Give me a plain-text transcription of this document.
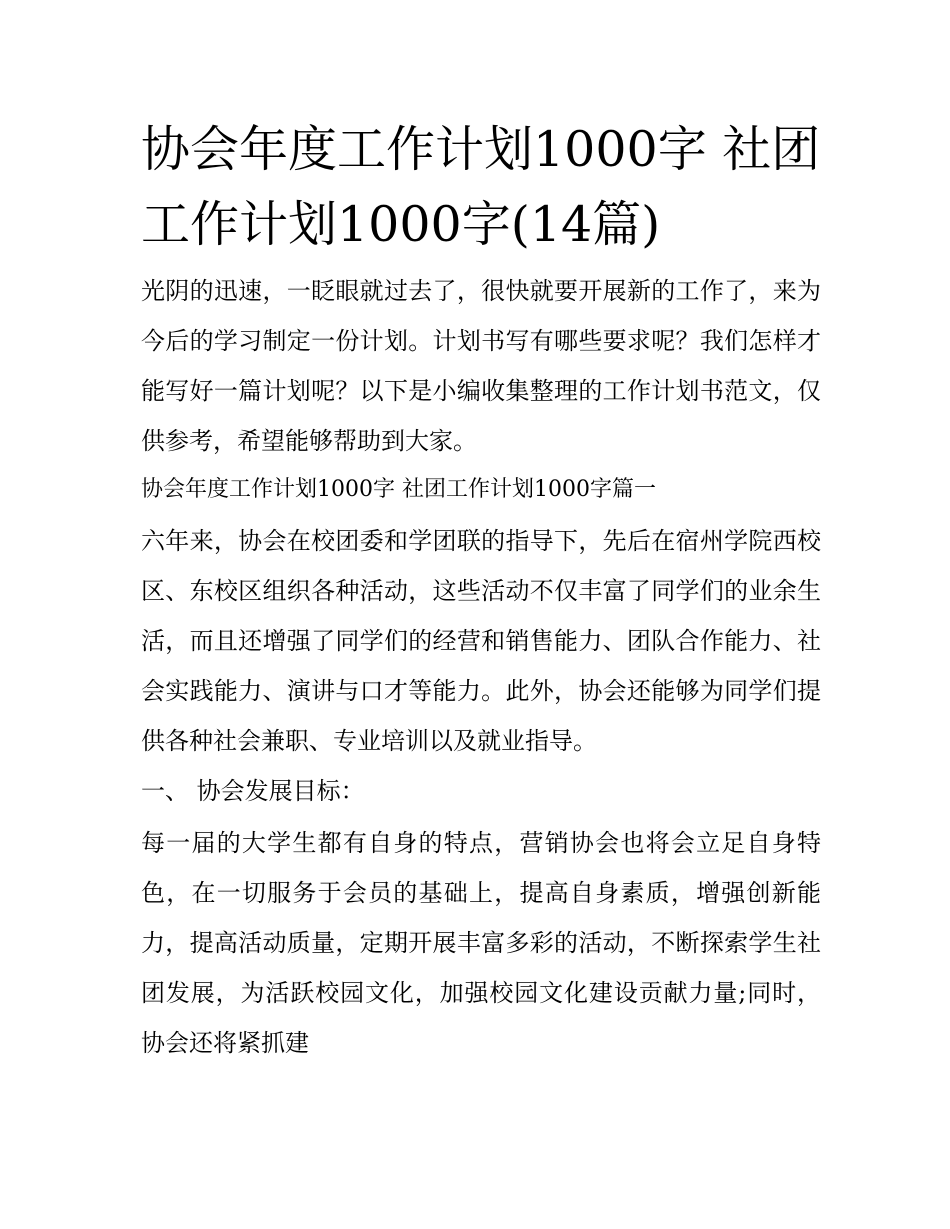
协会年度工作计划1000字 社团工作计划1000字(14篇)

光阴的迅速，一眨眼就过去了，很快就要开展新的工作了，来为今后的学习制定一份计划。计划书写有哪些要求呢？我们怎样才能写好一篇计划呢？以下是小编收集整理的工作计划书范文，仅供参考，希望能够帮助到大家。

协会年度工作计划1000字 社团工作计划1000字篇一

六年来，协会在校团委和学团联的指导下，先后在宿州学院西校区、东校区组织各种活动，这些活动不仅丰富了同学们的业余生活，而且还增强了同学们的经营和销售能力、团队合作能力、社会实践能力、演讲与口才等能力。此外，协会还能够为同学们提供各种社会兼职、专业培训以及就业指导。

一、 协会发展目标：

每一届的大学生都有自身的特点，营销协会也将会立足自身特色，在一切服务于会员的基础上，提高自身素质，增强创新能力，提高活动质量，定期开展丰富多彩的活动，不断探索学生社团发展，为活跃校园文化，加强校园文化建设贡献力量;同时，协会还将紧抓建
